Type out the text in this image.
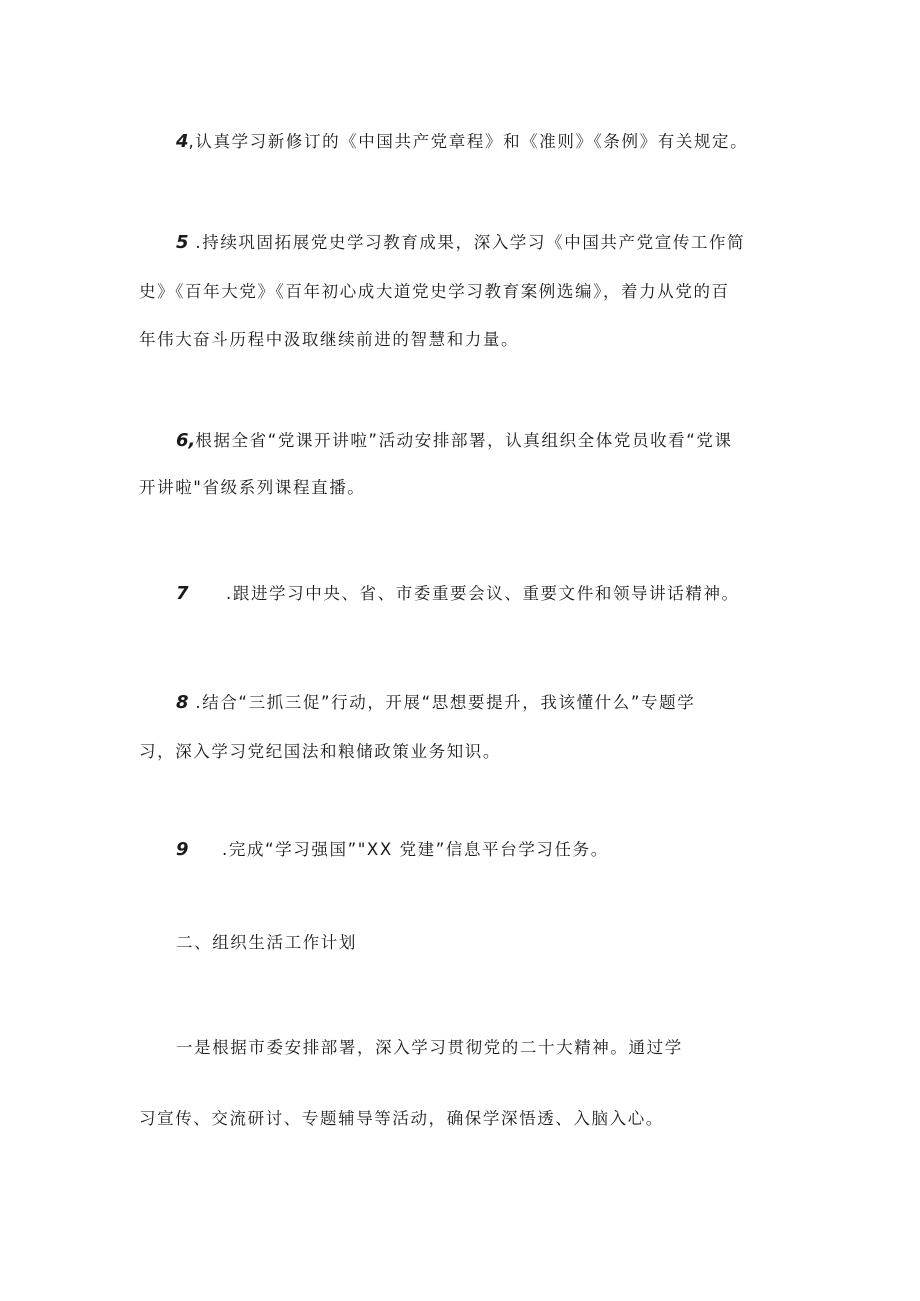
4,认真学习新修订的《中国共产党章程》和《准则》《条例》有关规定。
5 .持续巩固拓展党史学习教育成果，深入学习《中国共产党宣传工作简
史》《百年大党》《百年初心成大道党史学习教育案例选编》，着力从党的百
年伟大奋斗历程中汲取继续前进的智慧和力量。
6,根据全省“党课开讲啦”活动安排部署，认真组织全体党员收看“党课
开讲啦"省级系列课程直播。
7 .跟进学习中央、省、市委重要会议、重要文件和领导讲话精神。
8 .结合“三抓三促”行动，开展“思想要提升，我该懂什么”专题学
习，深入学习党纪国法和粮储政策业务知识。
9 .完成“学习强国”"XX 党建”信息平台学习任务。
二、组织生活工作计划
一是根据市委安排部署，深入学习贯彻党的二十大精神。通过学
习宣传、交流研讨、专题辅导等活动，确保学深悟透、入脑入心。
